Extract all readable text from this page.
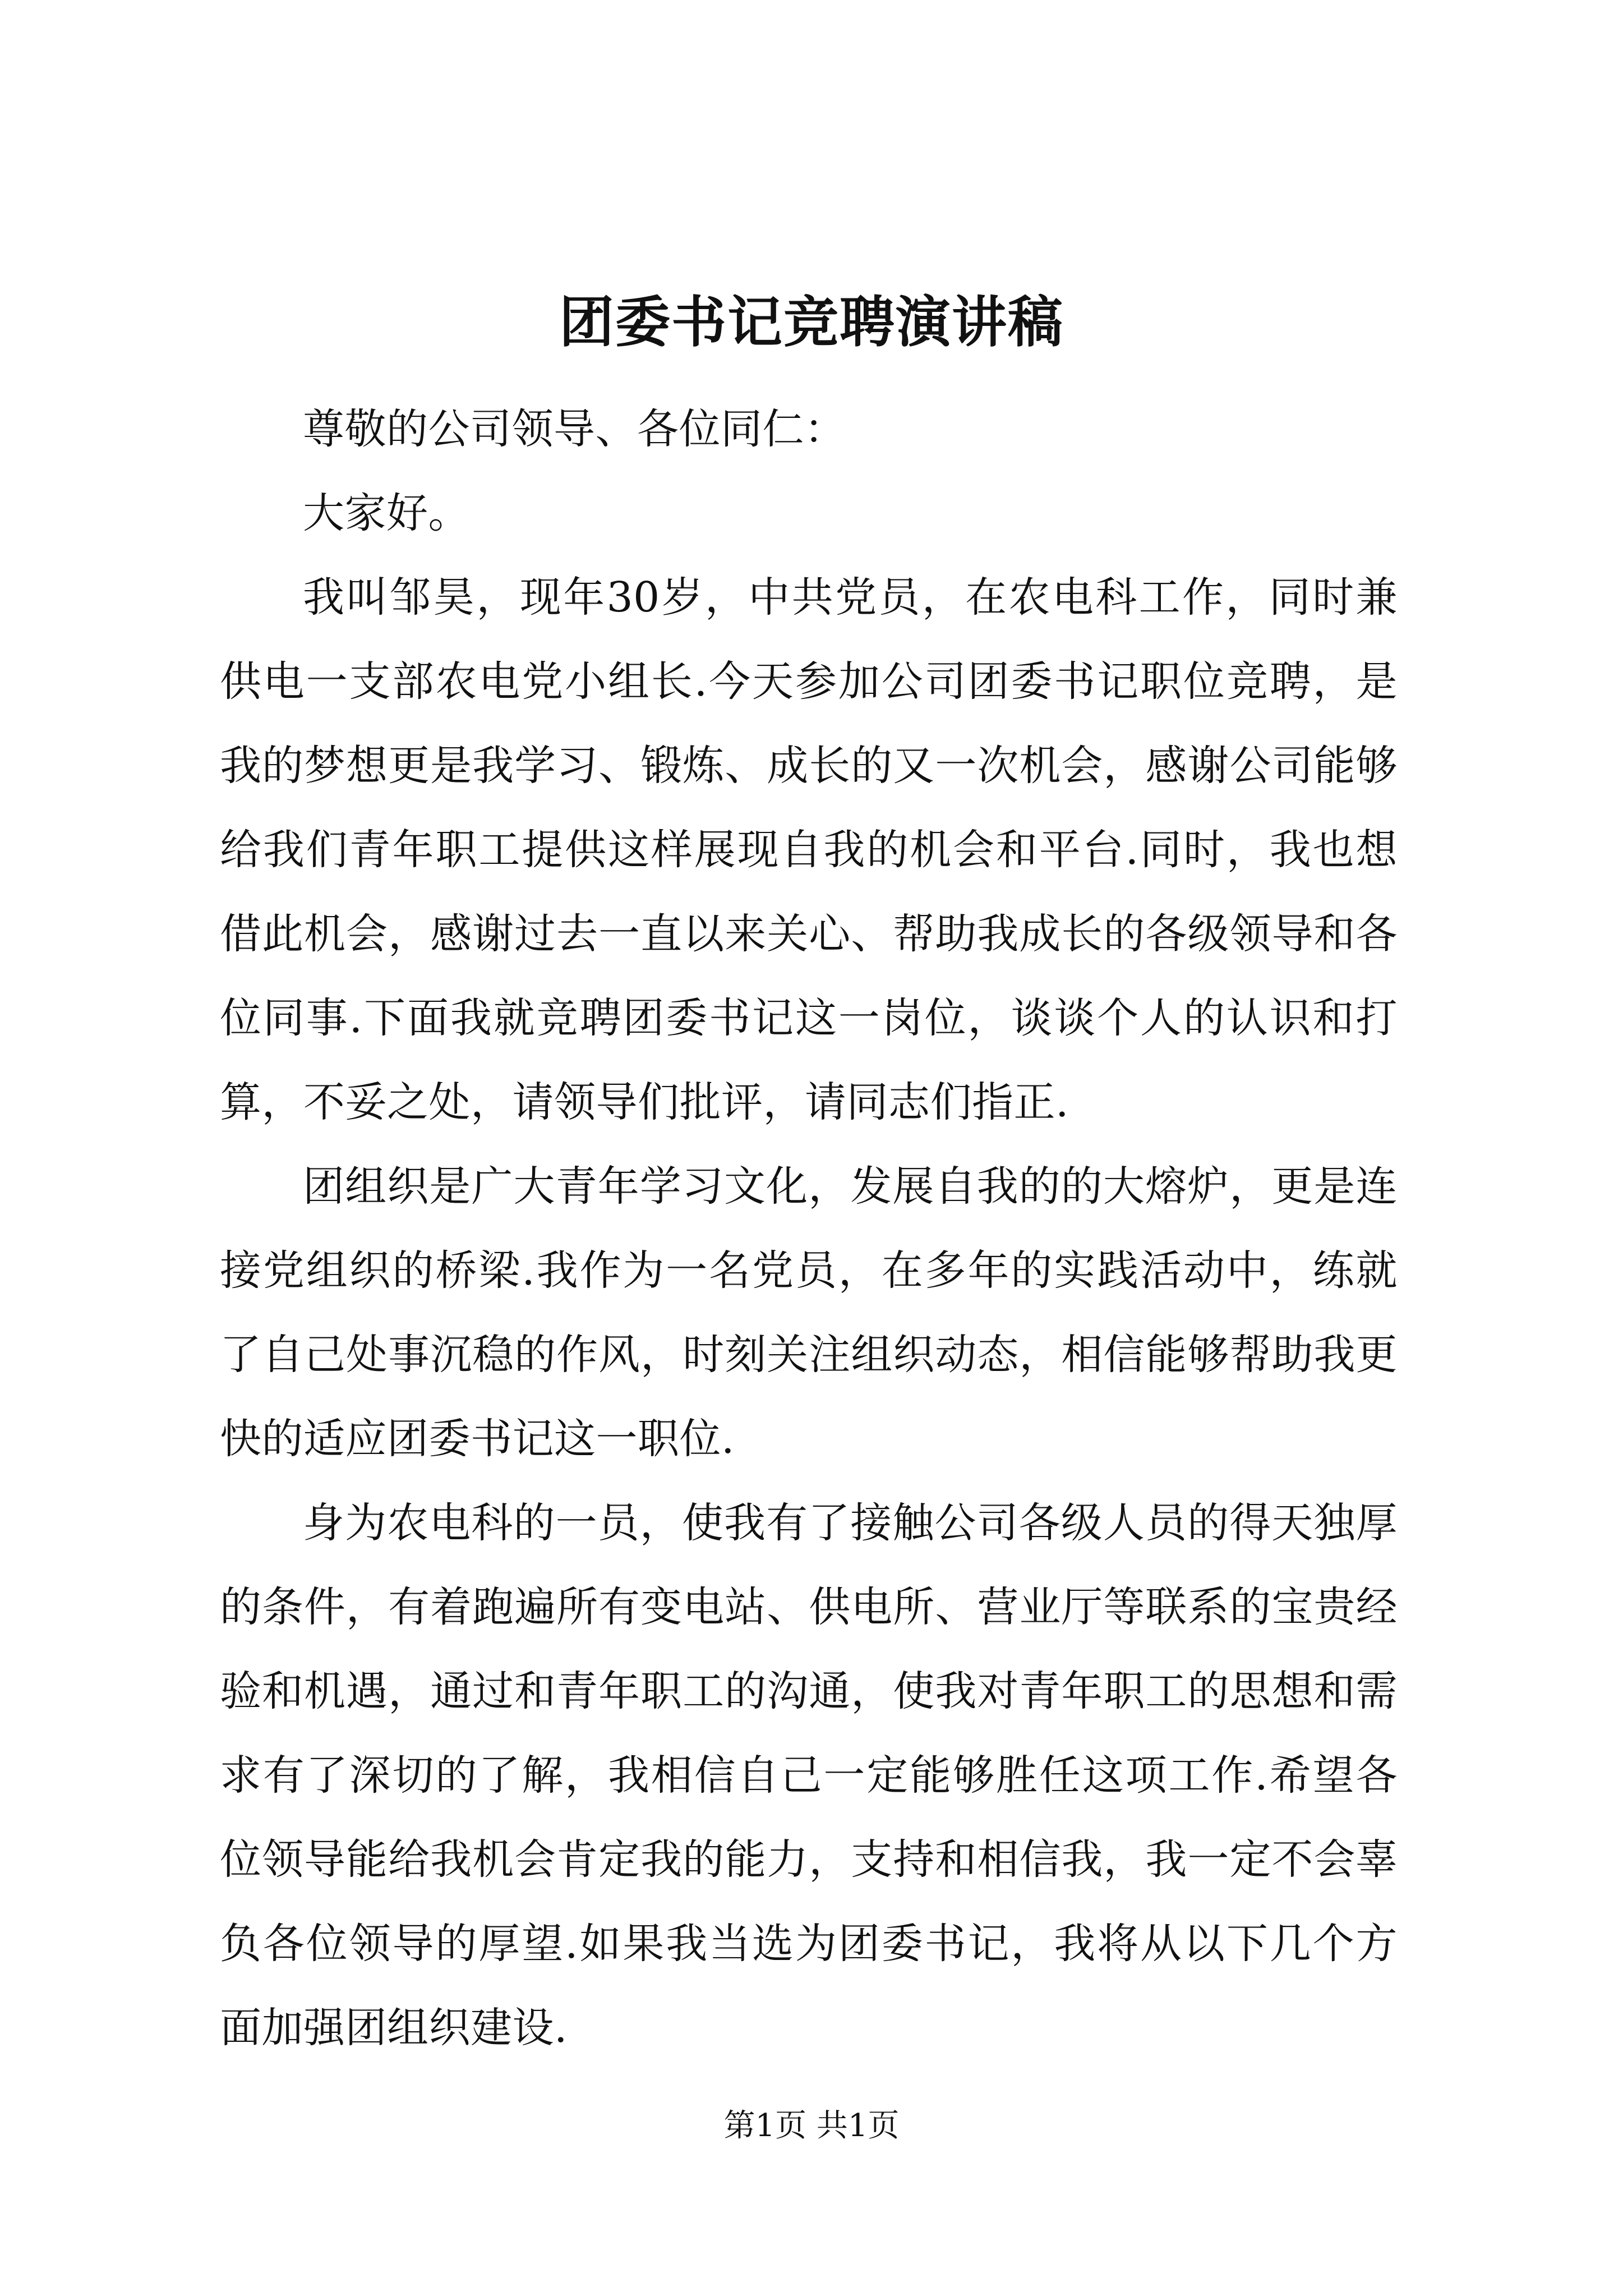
团委书记竞聘演讲稿

尊敬的公司领导、各位同仁：

大家好。

我叫邹昊，现年30岁，中共党员，在农电科工作，同时兼供电一支部农电党小组长.今天参加公司团委书记职位竞聘，是我的梦想更是我学习、锻炼、成长的又一次机会，感谢公司能够给我们青年职工提供这样展现自我的机会和平台.同时，我也想借此机会，感谢过去一直以来关心、帮助我成长的各级领导和各位同事.下面我就竞聘团委书记这一岗位，谈谈个人的认识和打算，不妥之处，请领导们批评，请同志们指正.

团组织是广大青年学习文化，发展自我的的大熔炉，更是连接党组织的桥梁.我作为一名党员，在多年的实践活动中，练就了自己处事沉稳的作风，时刻关注组织动态，相信能够帮助我更快的适应团委书记这一职位.

身为农电科的一员，使我有了接触公司各级人员的得天独厚的条件，有着跑遍所有变电站、供电所、营业厅等联系的宝贵经验和机遇，通过和青年职工的沟通，使我对青年职工的思想和需求有了深切的了解，我相信自己一定能够胜任这项工作.希望各位领导能给我机会肯定我的能力，支持和相信我，我一定不会辜负各位领导的厚望.如果我当选为团委书记，我将从以下几个方面加强团组织建设.

第1页 共1页
